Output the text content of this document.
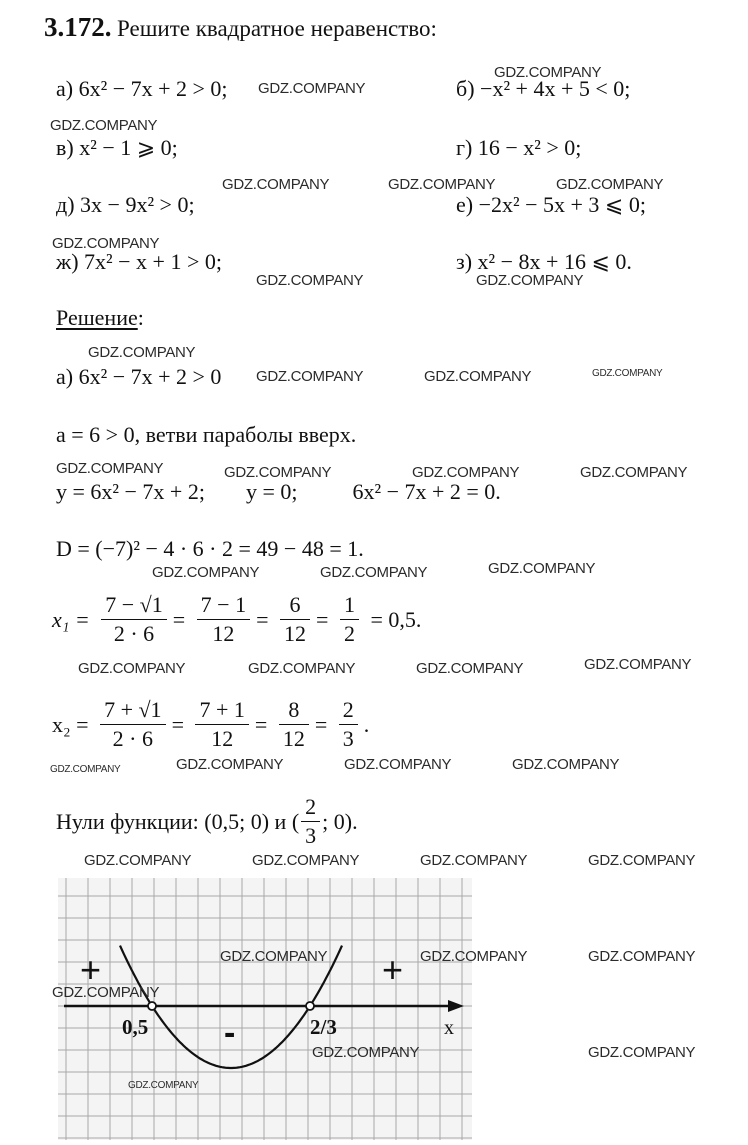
3.172. Решите квадратное неравенство:
а) 6x² − 7x + 2 > 0;	б) −x² + 4x + 5 < 0;
в) x² − 1 ⩾ 0;	г) 16 − x² > 0;
д) 3x − 9x² > 0;	е) −2x² − 5x + 3 ⩽ 0;
ж) 7x² − x + 1 > 0;	з) x² − 8x + 16 ⩽ 0.
Решение:
а) 6x² − 7x + 2 > 0
a = 6 > 0, ветви параболы вверх.
y = 6x² − 7x + 2; y = 0;	6x² − 7x + 2 = 0.
D = (−7)² − 4 · 6 · 2 = 49 − 48 = 1.
$x_1 = \frac{7 - √1}{2 \cdot 6} = \frac{7 - 1}{12} = \frac{6}{12} = \frac{1}{2} = 0,5$.
$x_2 = \frac{7 + √1}{2 \cdot 6} = \frac{7 + 1}{12} = \frac{8}{12} = \frac{2}{3}$ .
Нули функции: (0,5; 0) и ( $\frac{2}{3}$ ; 0).
0,5	2/3	x
+	+
-
GDZ.COMPANY
GDZ.COMPANY
GDZ.COMPANY
GDZ.COMPANY	GDZ.COMPANY	GDZ.COMPANY
GDZ.COMPANY
GDZ.COMPANY	GDZ.COMPANY
GDZ.COMPANY
GDZ.COMPANY	GDZ.COMPANY	GDZ.COMPANY
GDZ.COMPANY	GDZ.COMPANY	GDZ.COMPANY	GDZ.COMPANY
GDZ.COMPANY	GDZ.COMPANY	GDZ.COMPANY
GDZ.COMPANY	GDZ.COMPANY	GDZ.COMPANY	GDZ.COMPANY
GDZ.COMPANY	GDZ.COMPANY	GDZ.COMPANY	GDZ.COMPANY
GDZ.COMPANY	GDZ.COMPANY	GDZ.COMPANY	GDZ.COMPANY
GDZ.COMPANY	GDZ.COMPANY	GDZ.COMPANY
GDZ.COMPANY
GDZ.COMPANY	GDZ.COMPANY
GDZ.COMPANY
